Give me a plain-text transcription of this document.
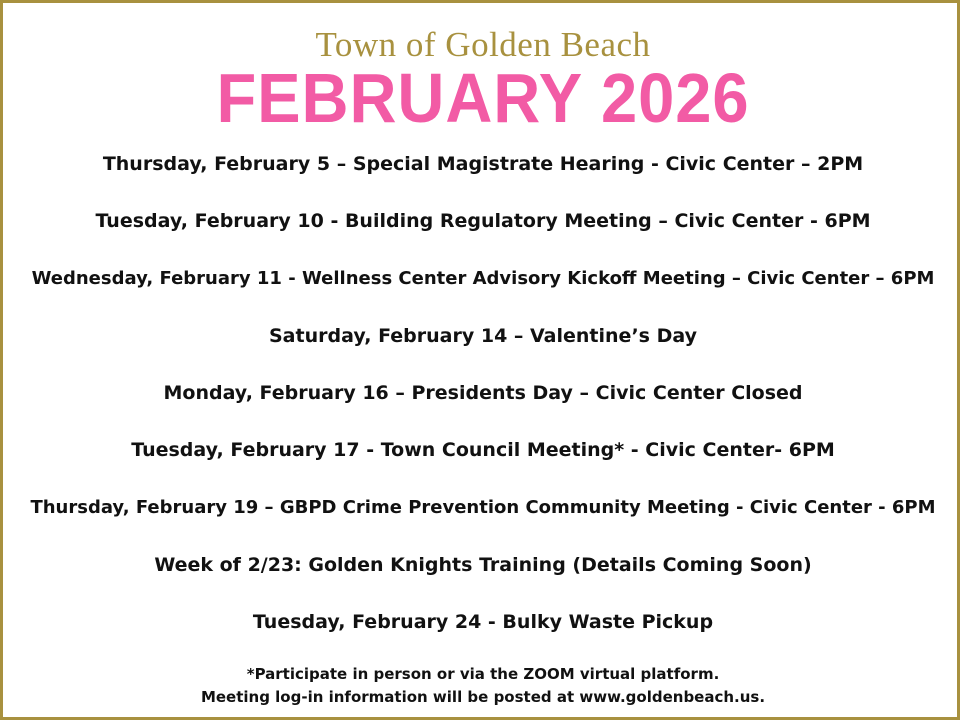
Town of Golden Beach
FEBRUARY 2026
Thursday, February 5 – Special Magistrate Hearing - Civic Center – 2PM
Tuesday, February 10 - Building Regulatory Meeting – Civic Center - 6PM
Wednesday, February 11 - Wellness Center Advisory Kickoff Meeting – Civic Center – 6PM
Saturday, February 14 – Valentine’s Day
Monday, February 16 – Presidents Day – Civic Center Closed
Tuesday, February 17 - Town Council Meeting* - Civic Center- 6PM
Thursday, February 19 – GBPD Crime Prevention Community Meeting - Civic Center - 6PM
Week of 2/23: Golden Knights Training (Details Coming Soon)
Tuesday, February 24 - Bulky Waste Pickup
*Participate in person or via the ZOOM virtual platform.
Meeting log-in information will be posted at www.goldenbeach.us.
